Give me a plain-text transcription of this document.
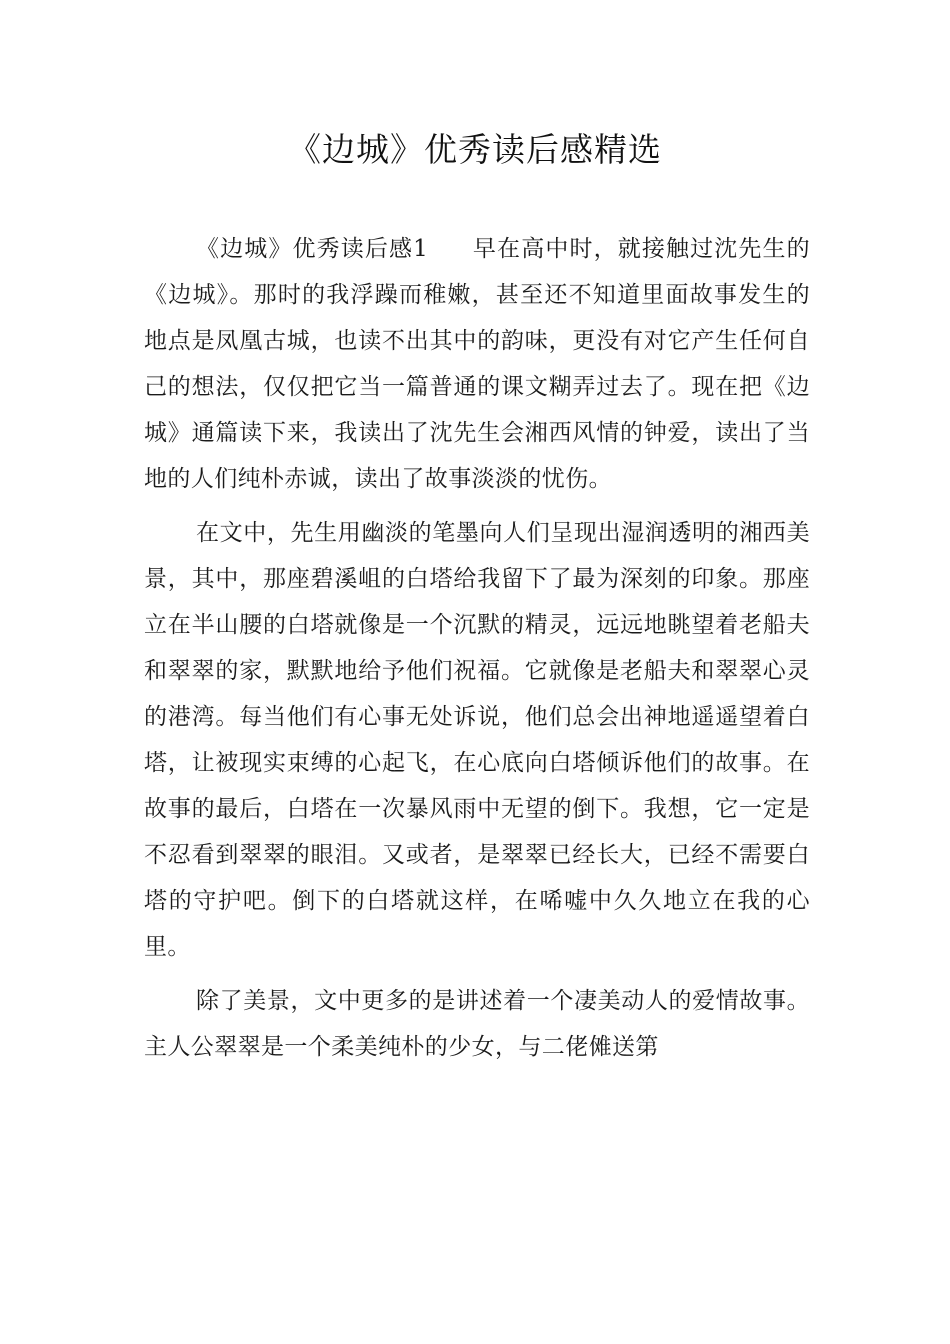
《边城》优秀读后感精选

《边城》优秀读后感1 早在高中时，就接触过沈先生的《边城》。那时的我浮躁而稚嫩，甚至还不知道里面故事发生的地点是凤凰古城，也读不出其中的韵味，更没有对它产生任何自己的想法，仅仅把它当一篇普通的课文糊弄过去了。现在把《边城》通篇读下来，我读出了沈先生会湘西风情的钟爱，读出了当地的人们纯朴赤诚，读出了故事淡淡的忧伤。

在文中，先生用幽淡的笔墨向人们呈现出湿润透明的湘西美景，其中，那座碧溪岨的白塔给我留下了最为深刻的印象。那座立在半山腰的白塔就像是一个沉默的精灵，远远地眺望着老船夫和翠翠的家，默默地给予他们祝福。它就像是老船夫和翠翠心灵的港湾。每当他们有心事无处诉说，他们总会出神地遥遥望着白塔，让被现实束缚的心起飞，在心底向白塔倾诉他们的故事。在故事的最后，白塔在一次暴风雨中无望的倒下。我想，它一定是不忍看到翠翠的眼泪。又或者，是翠翠已经长大，已经不需要白塔的守护吧。倒下的白塔就这样，在唏嘘中久久地立在我的心里。

除了美景，文中更多的是讲述着一个凄美动人的爱情故事。主人公翠翠是一个柔美纯朴的少女，与二佬傩送第
